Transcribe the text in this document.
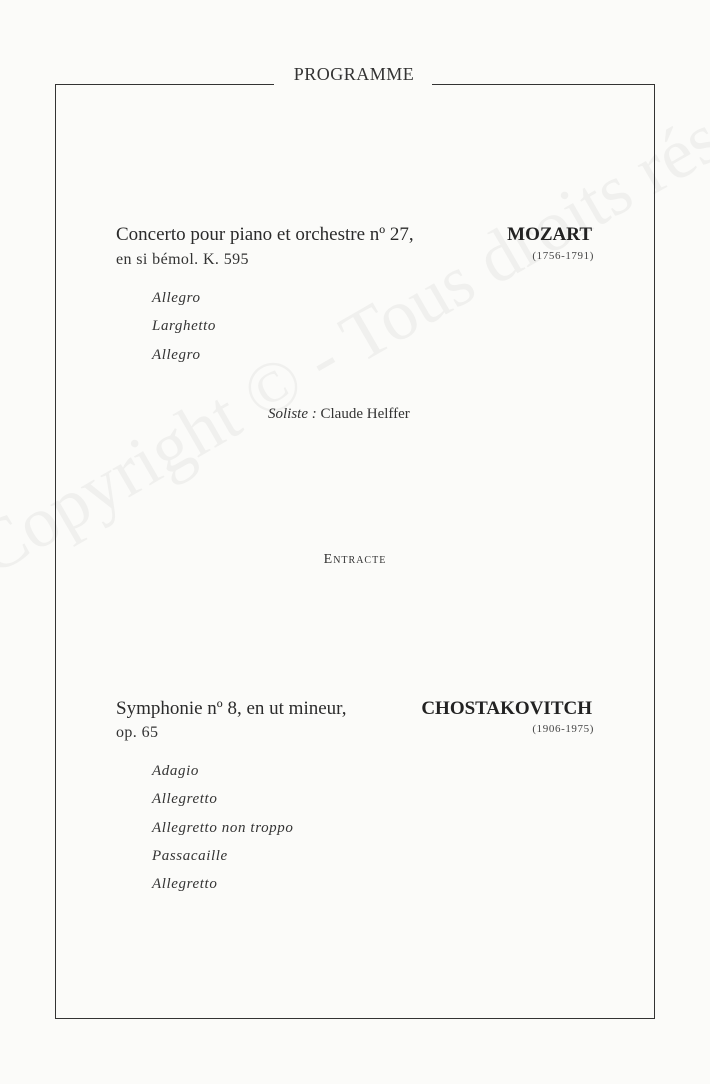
PROGRAMME
Concerto pour piano et orchestre nº 27,
en si bémol. K. 595
MOZART
(1756-1791)
Allegro
Larghetto
Allegro
Soliste : Claude Helffer
Entracte
Symphonie nº 8, en ut mineur,
op. 65
CHOSTAKOVITCH
(1906-1975)
Adagio
Allegretto
Allegretto non troppo
Passacaille
Allegretto
